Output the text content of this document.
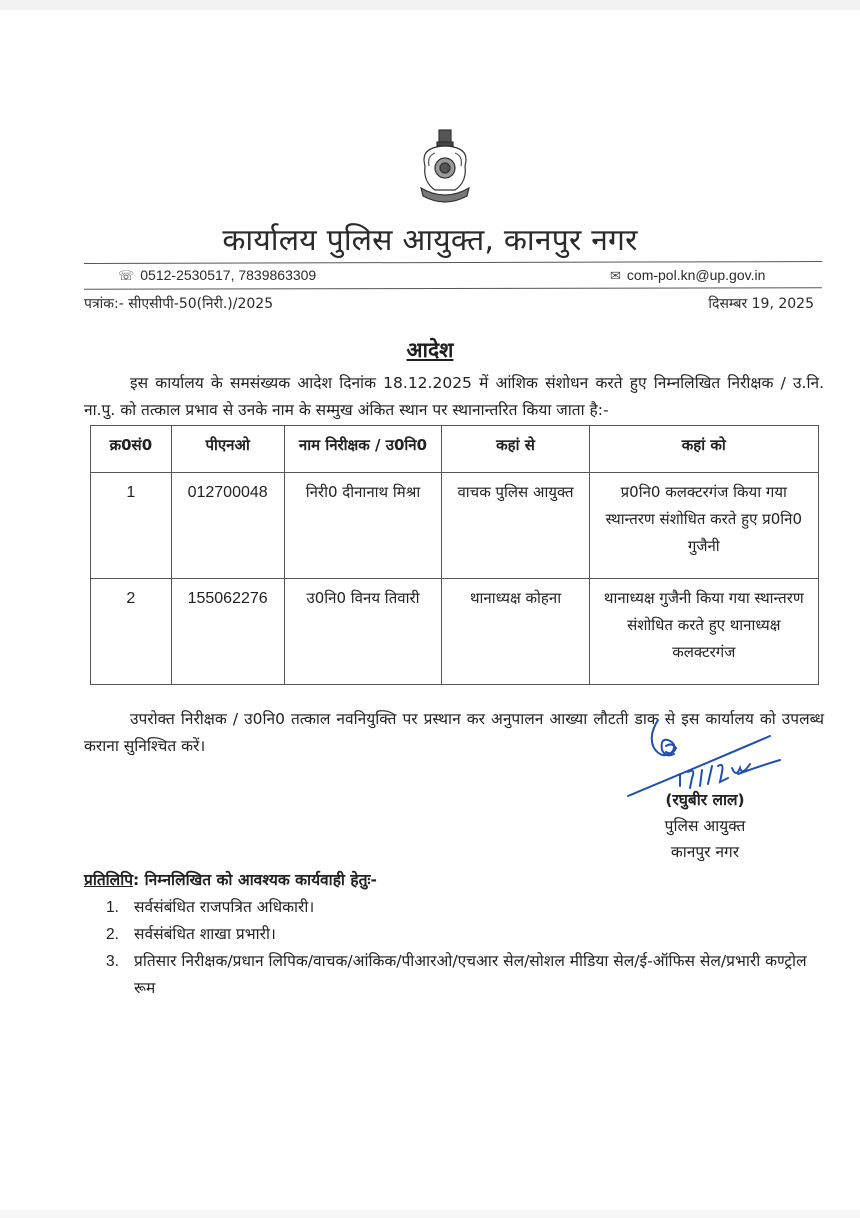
कार्यालय पुलिस आयुक्त, कानपुर नगर
☏ 0512-2530517, 7839863309	✉ com-pol.kn@up.gov.in
पत्रांक:- सीएसीपी-50(निरी.)/2025	दिसम्बर 19, 2025
आदेश
इस कार्यालय के समसंख्यक आदेश दिनांक 18.12.2025 में आंशिक संशोधन करते हुए निम्नलिखित निरीक्षक / उ.नि. ना.पु. को तत्काल प्रभाव से उनके नाम के सम्मुख अंकित स्थान पर स्थानान्तरित किया जाता है:-
क्र0सं0	पीएनओ	नाम निरीक्षक / उ0नि0	कहां से	कहां को
1	012700048	निरी0 दीनानाथ मिश्रा	वाचक पुलिस आयुक्त	प्र0नि0 कलक्टरगंज किया गया स्थान्तरण संशोधित करते हुए प्र0नि0 गुजैनी
2	155062276	उ0नि0 विनय तिवारी	थानाध्यक्ष कोहना	थानाध्यक्ष गुजैनी किया गया स्थान्तरण संशोधित करते हुए थानाध्यक्ष कलक्टरगंज
उपरोक्त निरीक्षक / उ0नि0 तत्काल नवनियुक्ति पर प्रस्थान कर अनुपालन आख्या लौटती डाक से इस कार्यालय को उपलब्ध कराना सुनिश्चित करें।
(रघुबीर लाल)
पुलिस आयुक्त
कानपुर नगर
प्रतिलिपि: निम्नलिखित को आवश्यक कार्यवाही हेतुः-
1. सर्वसंबंधित राजपत्रित अधिकारी।
2. सर्वसंबंधित शाखा प्रभारी।
3. प्रतिसार निरीक्षक/प्रधान लिपिक/वाचक/आंकिक/पीआरओ/एचआर सेल/सोशल मीडिया सेल/ई-ऑफिस सेल/प्रभारी कण्ट्रोल रूम
